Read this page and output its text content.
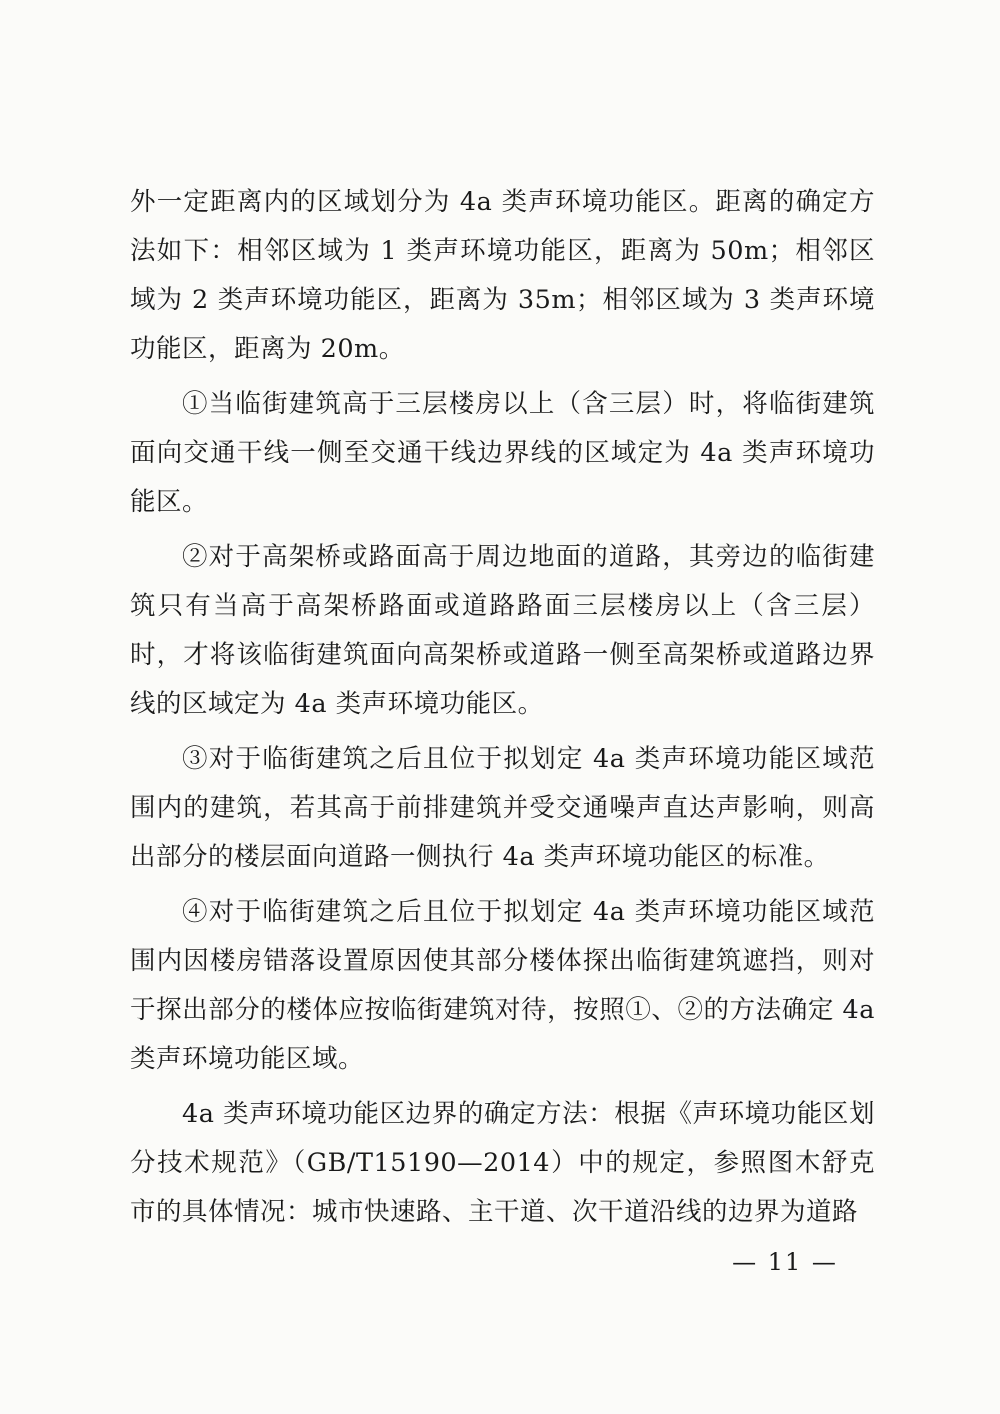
外一定距离内的区域划分为 4a 类声环境功能区。距离的确定方法如下：相邻区域为 1 类声环境功能区，距离为 50m；相邻区域为 2 类声环境功能区，距离为 35m；相邻区域为 3 类声环境功能区，距离为 20m。

①当临街建筑高于三层楼房以上（含三层）时，将临街建筑面向交通干线一侧至交通干线边界线的区域定为 4a 类声环境功能区。

②对于高架桥或路面高于周边地面的道路，其旁边的临街建筑只有当高于高架桥路面或道路路面三层楼房以上（含三层）时，才将该临街建筑面向高架桥或道路一侧至高架桥或道路边界线的区域定为 4a 类声环境功能区。

③对于临街建筑之后且位于拟划定 4a 类声环境功能区域范围内的建筑，若其高于前排建筑并受交通噪声直达声影响，则高出部分的楼层面向道路一侧执行 4a 类声环境功能区的标准。

④对于临街建筑之后且位于拟划定 4a 类声环境功能区域范围内因楼房错落设置原因使其部分楼体探出临街建筑遮挡，则对于探出部分的楼体应按临街建筑对待，按照①、②的方法确定 4a 类声环境功能区域。

4a 类声环境功能区边界的确定方法：根据《声环境功能区划分技术规范》（GB/T15190—2014）中的规定，参照图木舒克市的具体情况：城市快速路、主干道、次干道沿线的边界为道路

— 11 —
